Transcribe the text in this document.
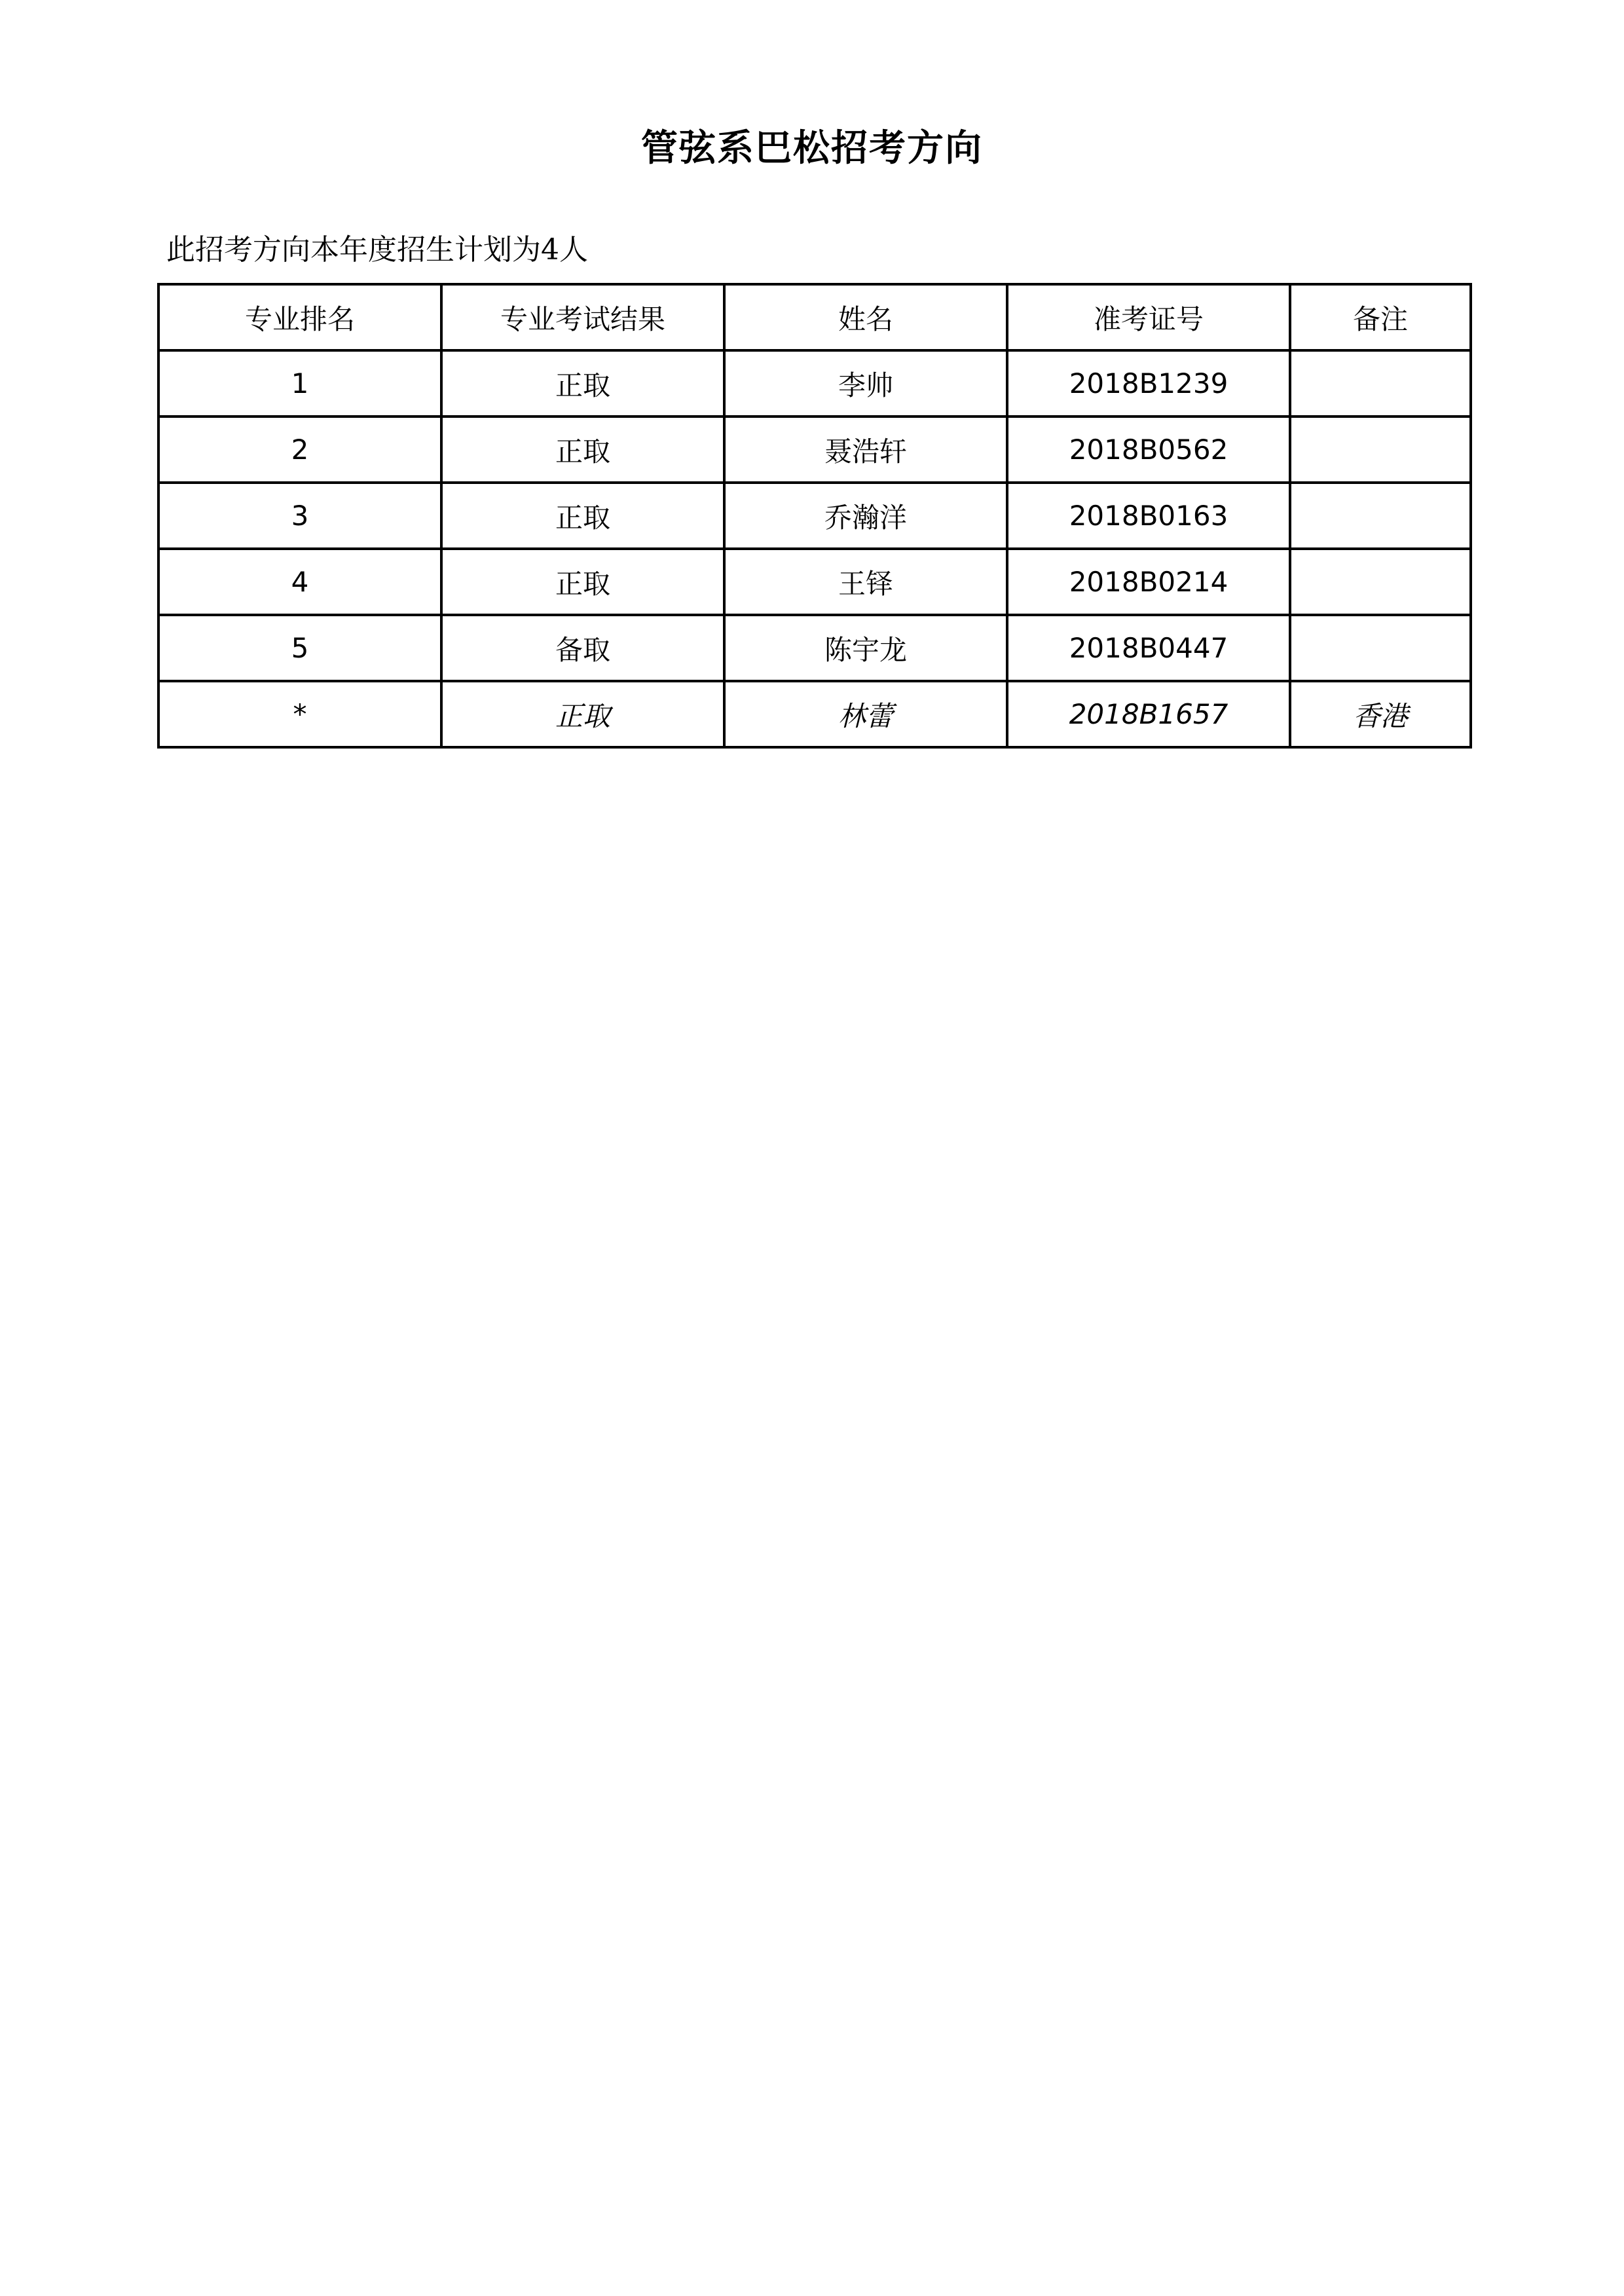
管弦系巴松招考方向
此招考方向本年度招生计划为4人
专业排名	专业考试结果	姓名	准考证号	备注
1	正取	李帅	2018B1239	
2	正取	聂浩轩	2018B0562	
3	正取	乔瀚洋	2018B0163	
4	正取	王铎	2018B0214	
5	备取	陈宇龙	2018B0447	
*	正取	林蕾	2018B1657	香港
